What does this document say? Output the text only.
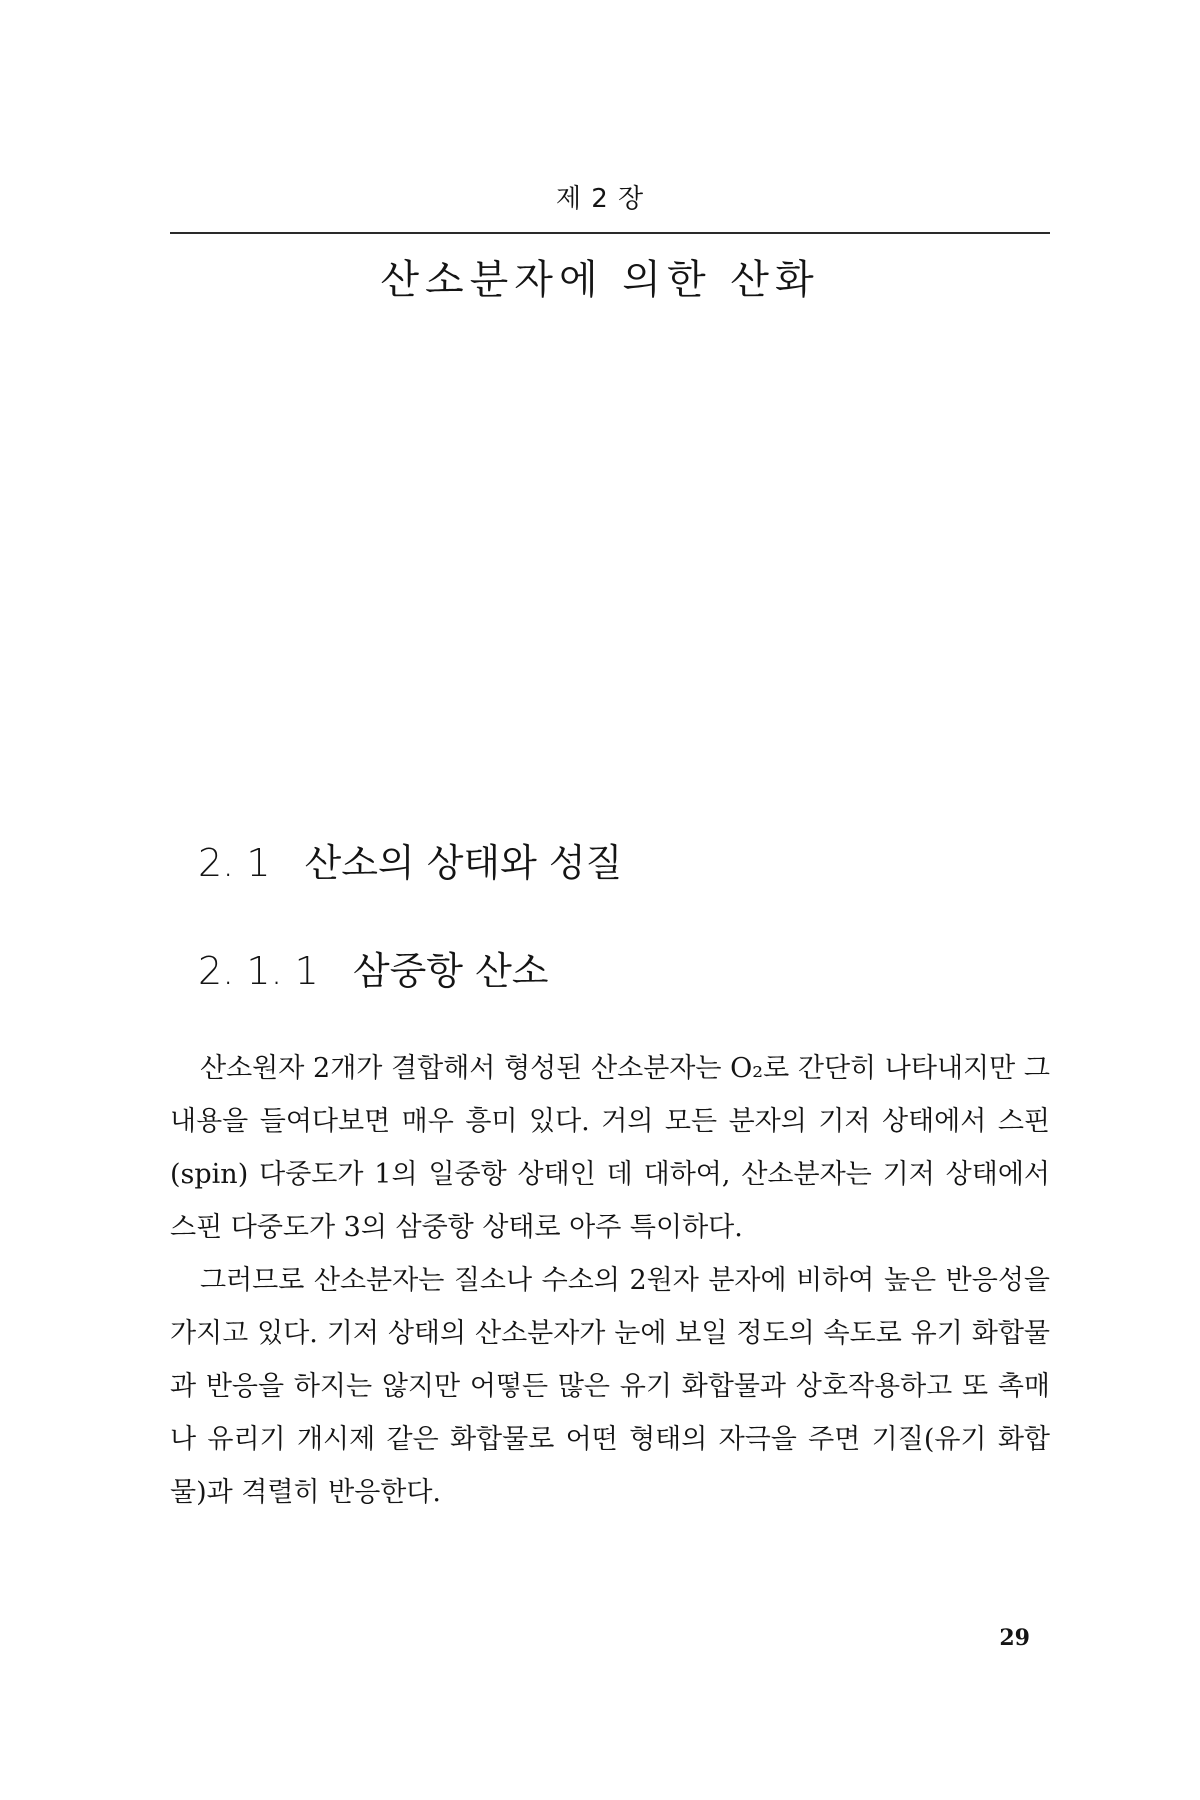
제 2 장
산소분자에 의한 산화
2. 1 산소의 상태와 성질
2. 1. 1 삼중항 산소

산소원자 2개가 결합해서 형성된 산소분자는 O₂로 간단히 나타내지만 그 내용을 들여다보면 매우 흥미 있다. 거의 모든 분자의 기저 상태에서 스핀(spin) 다중도가 1의 일중항 상태인 데 대하여, 산소분자는 기저 상태에서 스핀 다중도가 3의 삼중항 상태로 아주 특이하다.

그러므로 산소분자는 질소나 수소의 2원자 분자에 비하여 높은 반응성을 가지고 있다. 기저 상태의 산소분자가 눈에 보일 정도의 속도로 유기 화합물과 반응을 하지는 않지만 어떻든 많은 유기 화합물과 상호작용하고 또 촉매나 유리기 개시제 같은 화합물로 어떤 형태의 자극을 주면 기질(유기 화합물)과 격렬히 반응한다.

29
